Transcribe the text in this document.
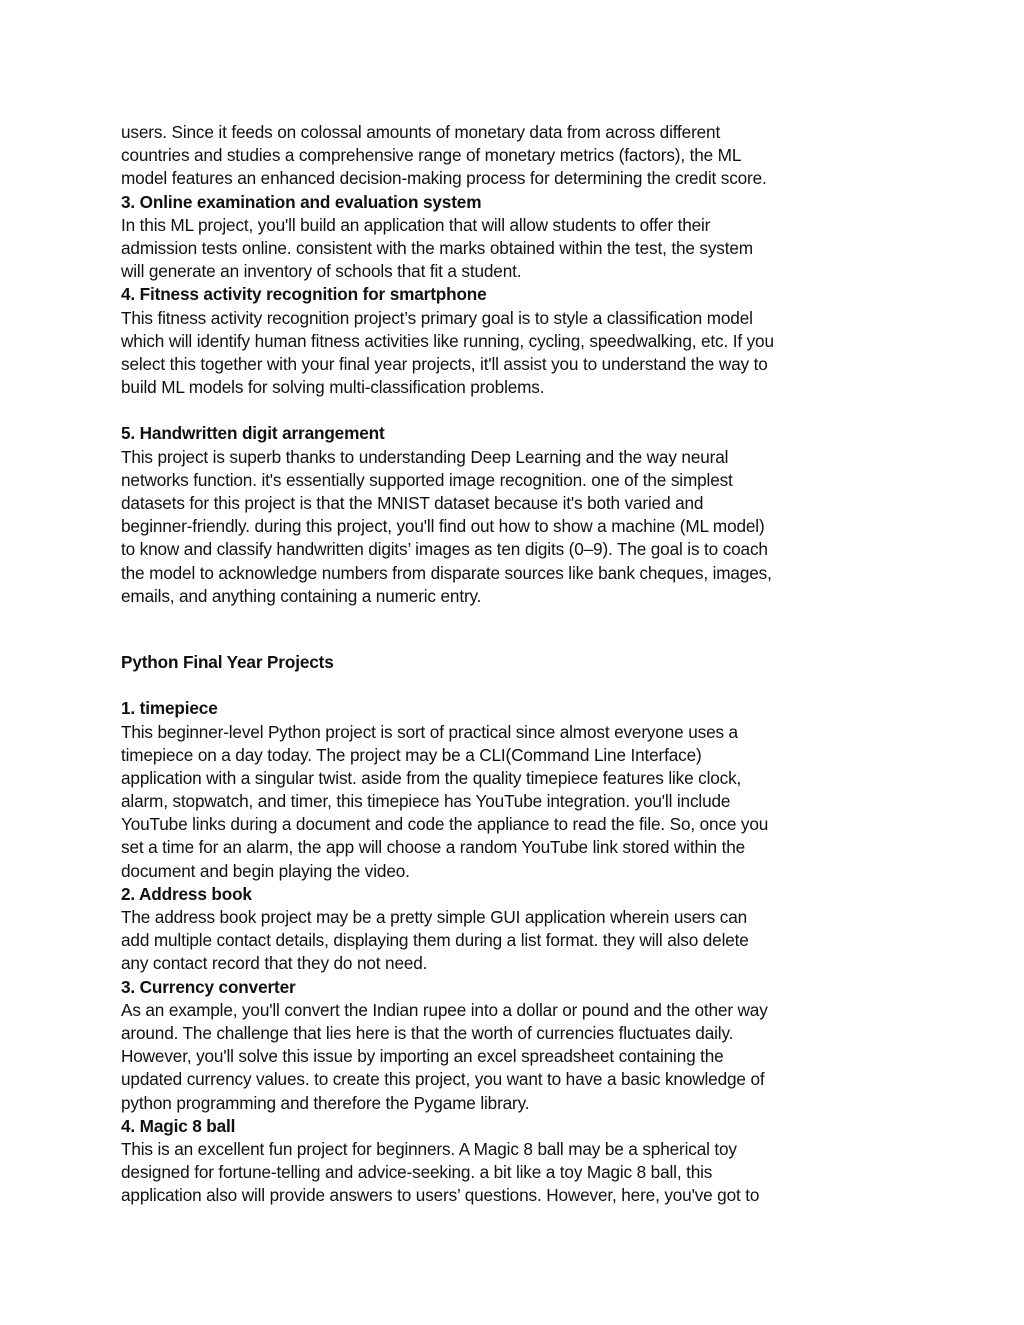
users. Since it feeds on colossal amounts of monetary data from across different
countries and studies a comprehensive range of monetary metrics (factors), the ML
model features an enhanced decision-making process for determining the credit score.
3. Online examination and evaluation system
In this ML project, you'll build an application that will allow students to offer their
admission tests online. consistent with the marks obtained within the test, the system
will generate an inventory of schools that fit a student.
4. Fitness activity recognition for smartphone
This fitness activity recognition project’s primary goal is to style a classification model
which will identify human fitness activities like running, cycling, speedwalking, etc. If you
select this together with your final year projects, it'll assist you to understand the way to
build ML models for solving multi-classification problems.
5. Handwritten digit arrangement
This project is superb thanks to understanding Deep Learning and the way neural
networks function. it's essentially supported image recognition. one of the simplest
datasets for this project is that the MNIST dataset because it's both varied and
beginner-friendly. during this project, you'll find out how to show a machine (ML model)
to know and classify handwritten digits’ images as ten digits (0–9). The goal is to coach
the model to acknowledge numbers from disparate sources like bank cheques, images,
emails, and anything containing a numeric entry.
Python Final Year Projects
1. timepiece
This beginner-level Python project is sort of practical since almost everyone uses a
timepiece on a day today. The project may be a CLI(Command Line Interface)
application with a singular twist. aside from the quality timepiece features like clock,
alarm, stopwatch, and timer, this timepiece has YouTube integration. you'll include
YouTube links during a document and code the appliance to read the file. So, once you
set a time for an alarm, the app will choose a random YouTube link stored within the
document and begin playing the video.
2. Address book
The address book project may be a pretty simple GUI application wherein users can
add multiple contact details, displaying them during a list format. they will also delete
any contact record that they do not need.
3. Currency converter
As an example, you'll convert the Indian rupee into a dollar or pound and the other way
around. The challenge that lies here is that the worth of currencies fluctuates daily.
However, you'll solve this issue by importing an excel spreadsheet containing the
updated currency values. to create this project, you want to have a basic knowledge of
python programming and therefore the Pygame library.
4. Magic 8 ball
This is an excellent fun project for beginners. A Magic 8 ball may be a spherical toy
designed for fortune-telling and advice-seeking. a bit like a toy Magic 8 ball, this
application also will provide answers to users’ questions. However, here, you've got to
